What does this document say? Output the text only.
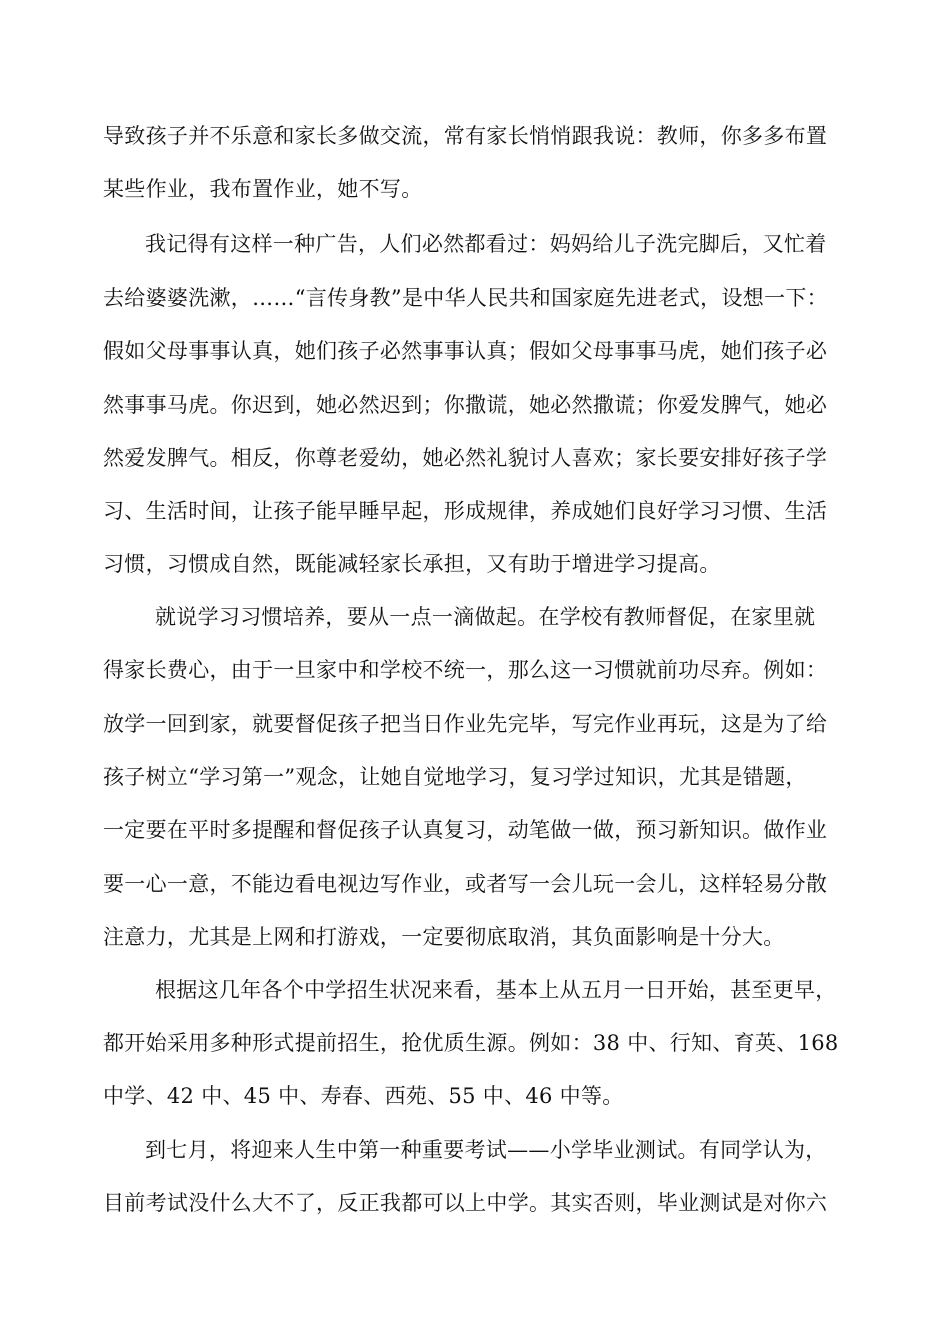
导致孩子并不乐意和家长多做交流，常有家长悄悄跟我说：教师，你多多布置
某些作业，我布置作业，她不写。
我记得有这样一种广告，人们必然都看过：妈妈给儿子洗完脚后，又忙着
去给婆婆洗漱，……“言传身教”是中华人民共和国家庭先进老式，设想一下：
假如父母事事认真，她们孩子必然事事认真；假如父母事事马虎，她们孩子必
然事事马虎。你迟到，她必然迟到；你撒谎，她必然撒谎；你爱发脾气，她必
然爱发脾气。相反，你尊老爱幼，她必然礼貌讨人喜欢；家长要安排好孩子学
习、生活时间，让孩子能早睡早起，形成规律，养成她们良好学习习惯、生活
习惯，习惯成自然，既能减轻家长承担，又有助于增进学习提高。
就说学习习惯培养，要从一点一滴做起。在学校有教师督促，在家里就
得家长费心，由于一旦家中和学校不统一，那么这一习惯就前功尽弃。例如：
放学一回到家，就要督促孩子把当日作业先完毕，写完作业再玩，这是为了给
孩子树立“学习第一”观念，让她自觉地学习，复习学过知识，尤其是错题，
一定要在平时多提醒和督促孩子认真复习，动笔做一做，预习新知识。做作业
要一心一意，不能边看电视边写作业，或者写一会儿玩一会儿，这样轻易分散
注意力，尤其是上网和打游戏，一定要彻底取消，其负面影响是十分大。
根据这几年各个中学招生状况来看，基本上从五月一日开始，甚至更早，
都开始采用多种形式提前招生，抢优质生源。例如：38 中、行知、育英、168
中学、42 中、45 中、寿春、西苑、55 中、46 中等。
到七月，将迎来人生中第一种重要考试——小学毕业测试。有同学认为，
目前考试没什么大不了，反正我都可以上中学。其实否则，毕业测试是对你六
